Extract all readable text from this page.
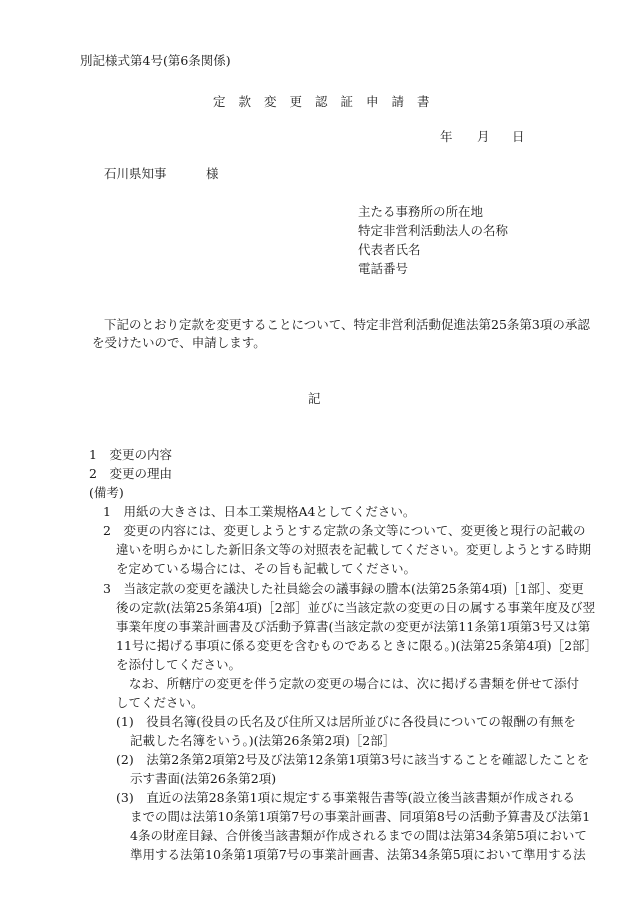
別記様式第4号(第6条関係)
定款変更認証申請書
年 月 日
石川県知事	様
主たる事務所の所在地
特定非営利活動法人の名称
代表者氏名
電話番号
下記のとおり定款を変更することについて、特定非営利活動促進法第25条第3項の承認
を受けたいので、申請します。
記
1　変更の内容
2　変更の理由
(備考)
1　用紙の大きさは、日本工業規格A4としてください。
2　変更の内容には、変更しようとする定款の条文等について、変更後と現行の記載の
違いを明らかにした新旧条文等の対照表を記載してください。変更しようとする時期
を定めている場合には、その旨も記載してください。
3　当該定款の変更を議決した社員総会の議事録の謄本(法第25条第4項)［1部］、変更
後の定款(法第25条第4項)［2部］並びに当該定款の変更の日の属する事業年度及び翌
事業年度の事業計画書及び活動予算書(当該定款の変更が法第11条第1項第3号又は第
11号に掲げる事項に係る変更を含むものであるときに限る。)(法第25条第4項)［2部］
を添付してください。
なお、所轄庁の変更を伴う定款の変更の場合には、次に掲げる書類を併せて添付
してください。
(1)　役員名簿(役員の氏名及び住所又は居所並びに各役員についての報酬の有無を
記載した名簿をいう。)(法第26条第2項)［2部］
(2)　法第2条第2項第2号及び法第12条第1項第3号に該当することを確認したことを
示す書面(法第26条第2項)
(3)　直近の法第28条第1項に規定する事業報告書等(設立後当該書類が作成される
までの間は法第10条第1項第7号の事業計画書、同項第8号の活動予算書及び法第1
4条の財産目録、合併後当該書類が作成されるまでの間は法第34条第5項において
準用する法第10条第1項第7号の事業計画書、法第34条第5項において準用する法
